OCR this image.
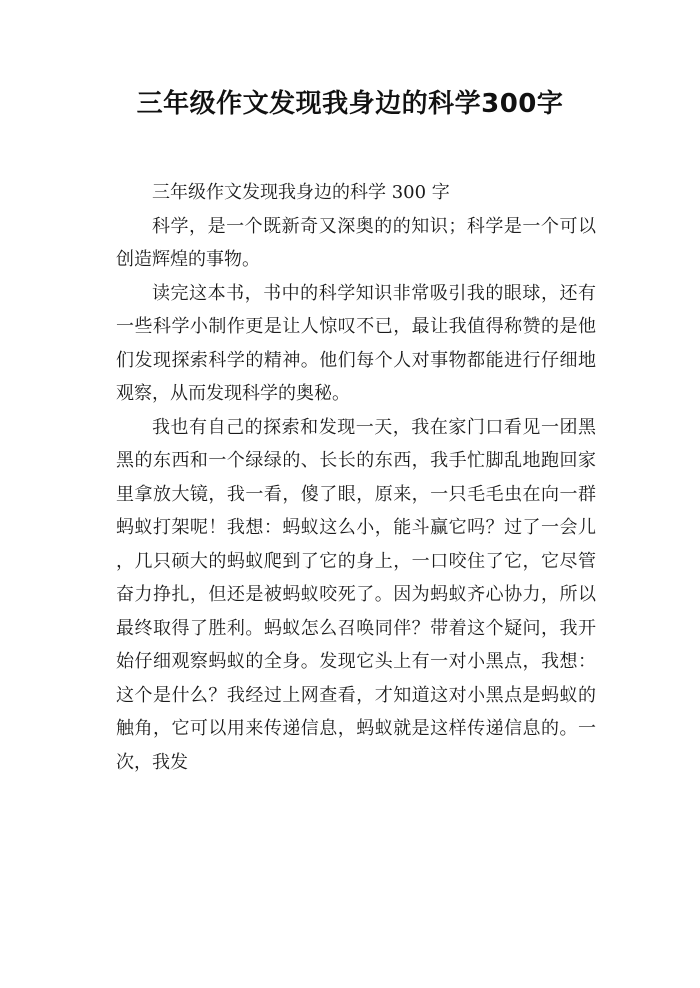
三年级作文发现我身边的科学300字

三年级作文发现我身边的科学 300 字

科学，是一个既新奇又深奥的的知识；科学是一个可以创造辉煌的事物。

读完这本书，书中的科学知识非常吸引我的眼球，还有一些科学小制作更是让人惊叹不已，最让我值得称赞的是他们发现探索科学的精神。他们每个人对事物都能进行仔细地观察，从而发现科学的奥秘。

我也有自己的探索和发现一天，我在家门口看见一团黑黑的东西和一个绿绿的、长长的东西，我手忙脚乱地跑回家里拿放大镜，我一看，傻了眼，原来，一只毛毛虫在向一群蚂蚁打架呢！我想：蚂蚁这么小，能斗赢它吗？过了一会儿，几只硕大的蚂蚁爬到了它的身上，一口咬住了它，它尽管奋力挣扎，但还是被蚂蚁咬死了。因为蚂蚁齐心协力，所以最终取得了胜利。蚂蚁怎么召唤同伴？带着这个疑问，我开始仔细观察蚂蚁的全身。发现它头上有一对小黑点，我想：这个是什么？我经过上网查看，才知道这对小黑点是蚂蚁的触角，它可以用来传递信息，蚂蚁就是这样传递信息的。一次，我发
